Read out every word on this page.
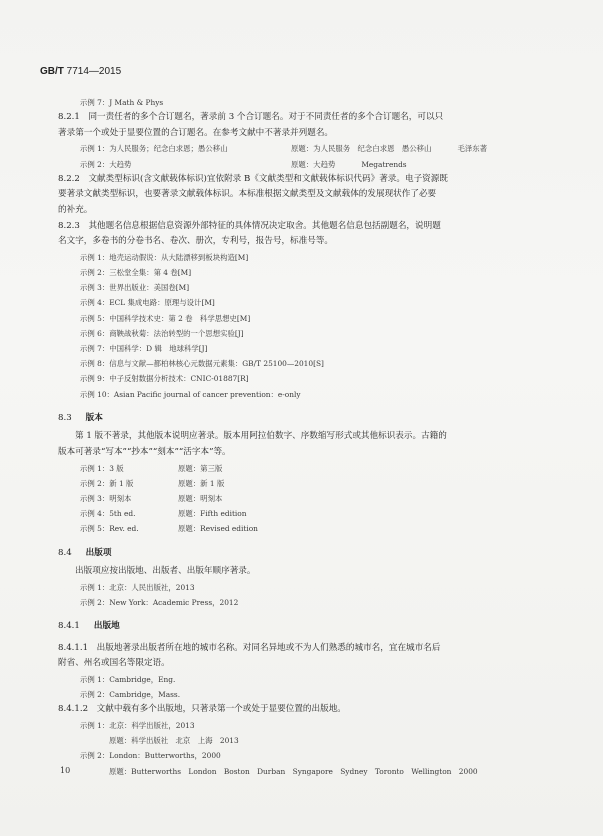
GB/T 7714—2015
示例 7：J Math & Phys

8.2.1　同一责任者的多个合订题名，著录前 3 个合订题名。对于不同责任者的多个合订题名，可以只

著录第一个或处于显要位置的合订题名。在参考文献中不著录并列题名。

示例 1：为人民服务；纪念白求恩；愚公移山	原题：为人民服务　纪念白求恩　愚公移山	毛泽东著
示例 2：大趋势	原题：大趋势	Megatrends

8.2.2　文献类型标识(含文献载体标识)宜依附录 B《文献类型和文献载体标识代码》著录。电子资源既

要著录文献类型标识，也要著录文献载体标识。本标准根据文献类型及文献载体的发展现状作了必要

的补充。

8.2.3　其他题名信息根据信息资源外部特征的具体情况决定取舍。其他题名信息包括副题名，说明题

名文字，多卷书的分卷书名、卷次、册次，专利号，报告号，标准号等。

示例 1：地壳运动假说：从大陆漂移到板块构造[M]
示例 2：三松堂全集：第 4 卷[M]
示例 3：世界出版业：美国卷[M]
示例 4：ECL 集成电路：原理与设计[M]
示例 5：中国科学技术史：第 2 卷　科学思想史[M]
示例 6：商鞅战秋菊：法治转型的一个思想实验[J]
示例 7：中国科学：D 辑　地球科学[J]
示例 8：信息与文献—都柏林核心元数据元素集：GB/T 25100—2010[S]
示例 9：中子反射数据分析技术：CNIC-01887[R]
示例 10：Asian Pacific journal of cancer prevention：e-only

8.3 版本

第 1 版不著录，其他版本说明应著录。版本用阿拉伯数字、序数缩写形式或其他标识表示。古籍的

版本可著录“写本”“抄本”“刻本”“活字本”等。

示例 1：3 版	原题：第三版
示例 2：新 1 版	原题：新 1 版
示例 3：明刻本	原题：明刻本
示例 4：5th ed.	原题：Fifth edition
示例 5：Rev. ed.	原题：Revised edition

8.4 出版项

出版项应按出版地、出版者、出版年顺序著录。

示例 1：北京：人民出版社，2013
示例 2：New York：Academic Press，2012

8.4.1 出版地

8.4.1.1　出版地著录出版者所在地的城市名称。对同名异地或不为人们熟悉的城市名，宜在城市名后

附省、州名或国名等限定语。

示例 1：Cambridge，Eng.
示例 2：Cambridge，Mass.

8.4.1.2　文献中载有多个出版地，只著录第一个或处于显要位置的出版地。

示例 1：北京：科学出版社，2013
原题：科学出版社　北京　上海　2013
示例 2：London：Butterworths，2000
原题：Butterworths　London　Boston　Durban　Syngapore　Sydney　Toronto　Wellington　2000
10
